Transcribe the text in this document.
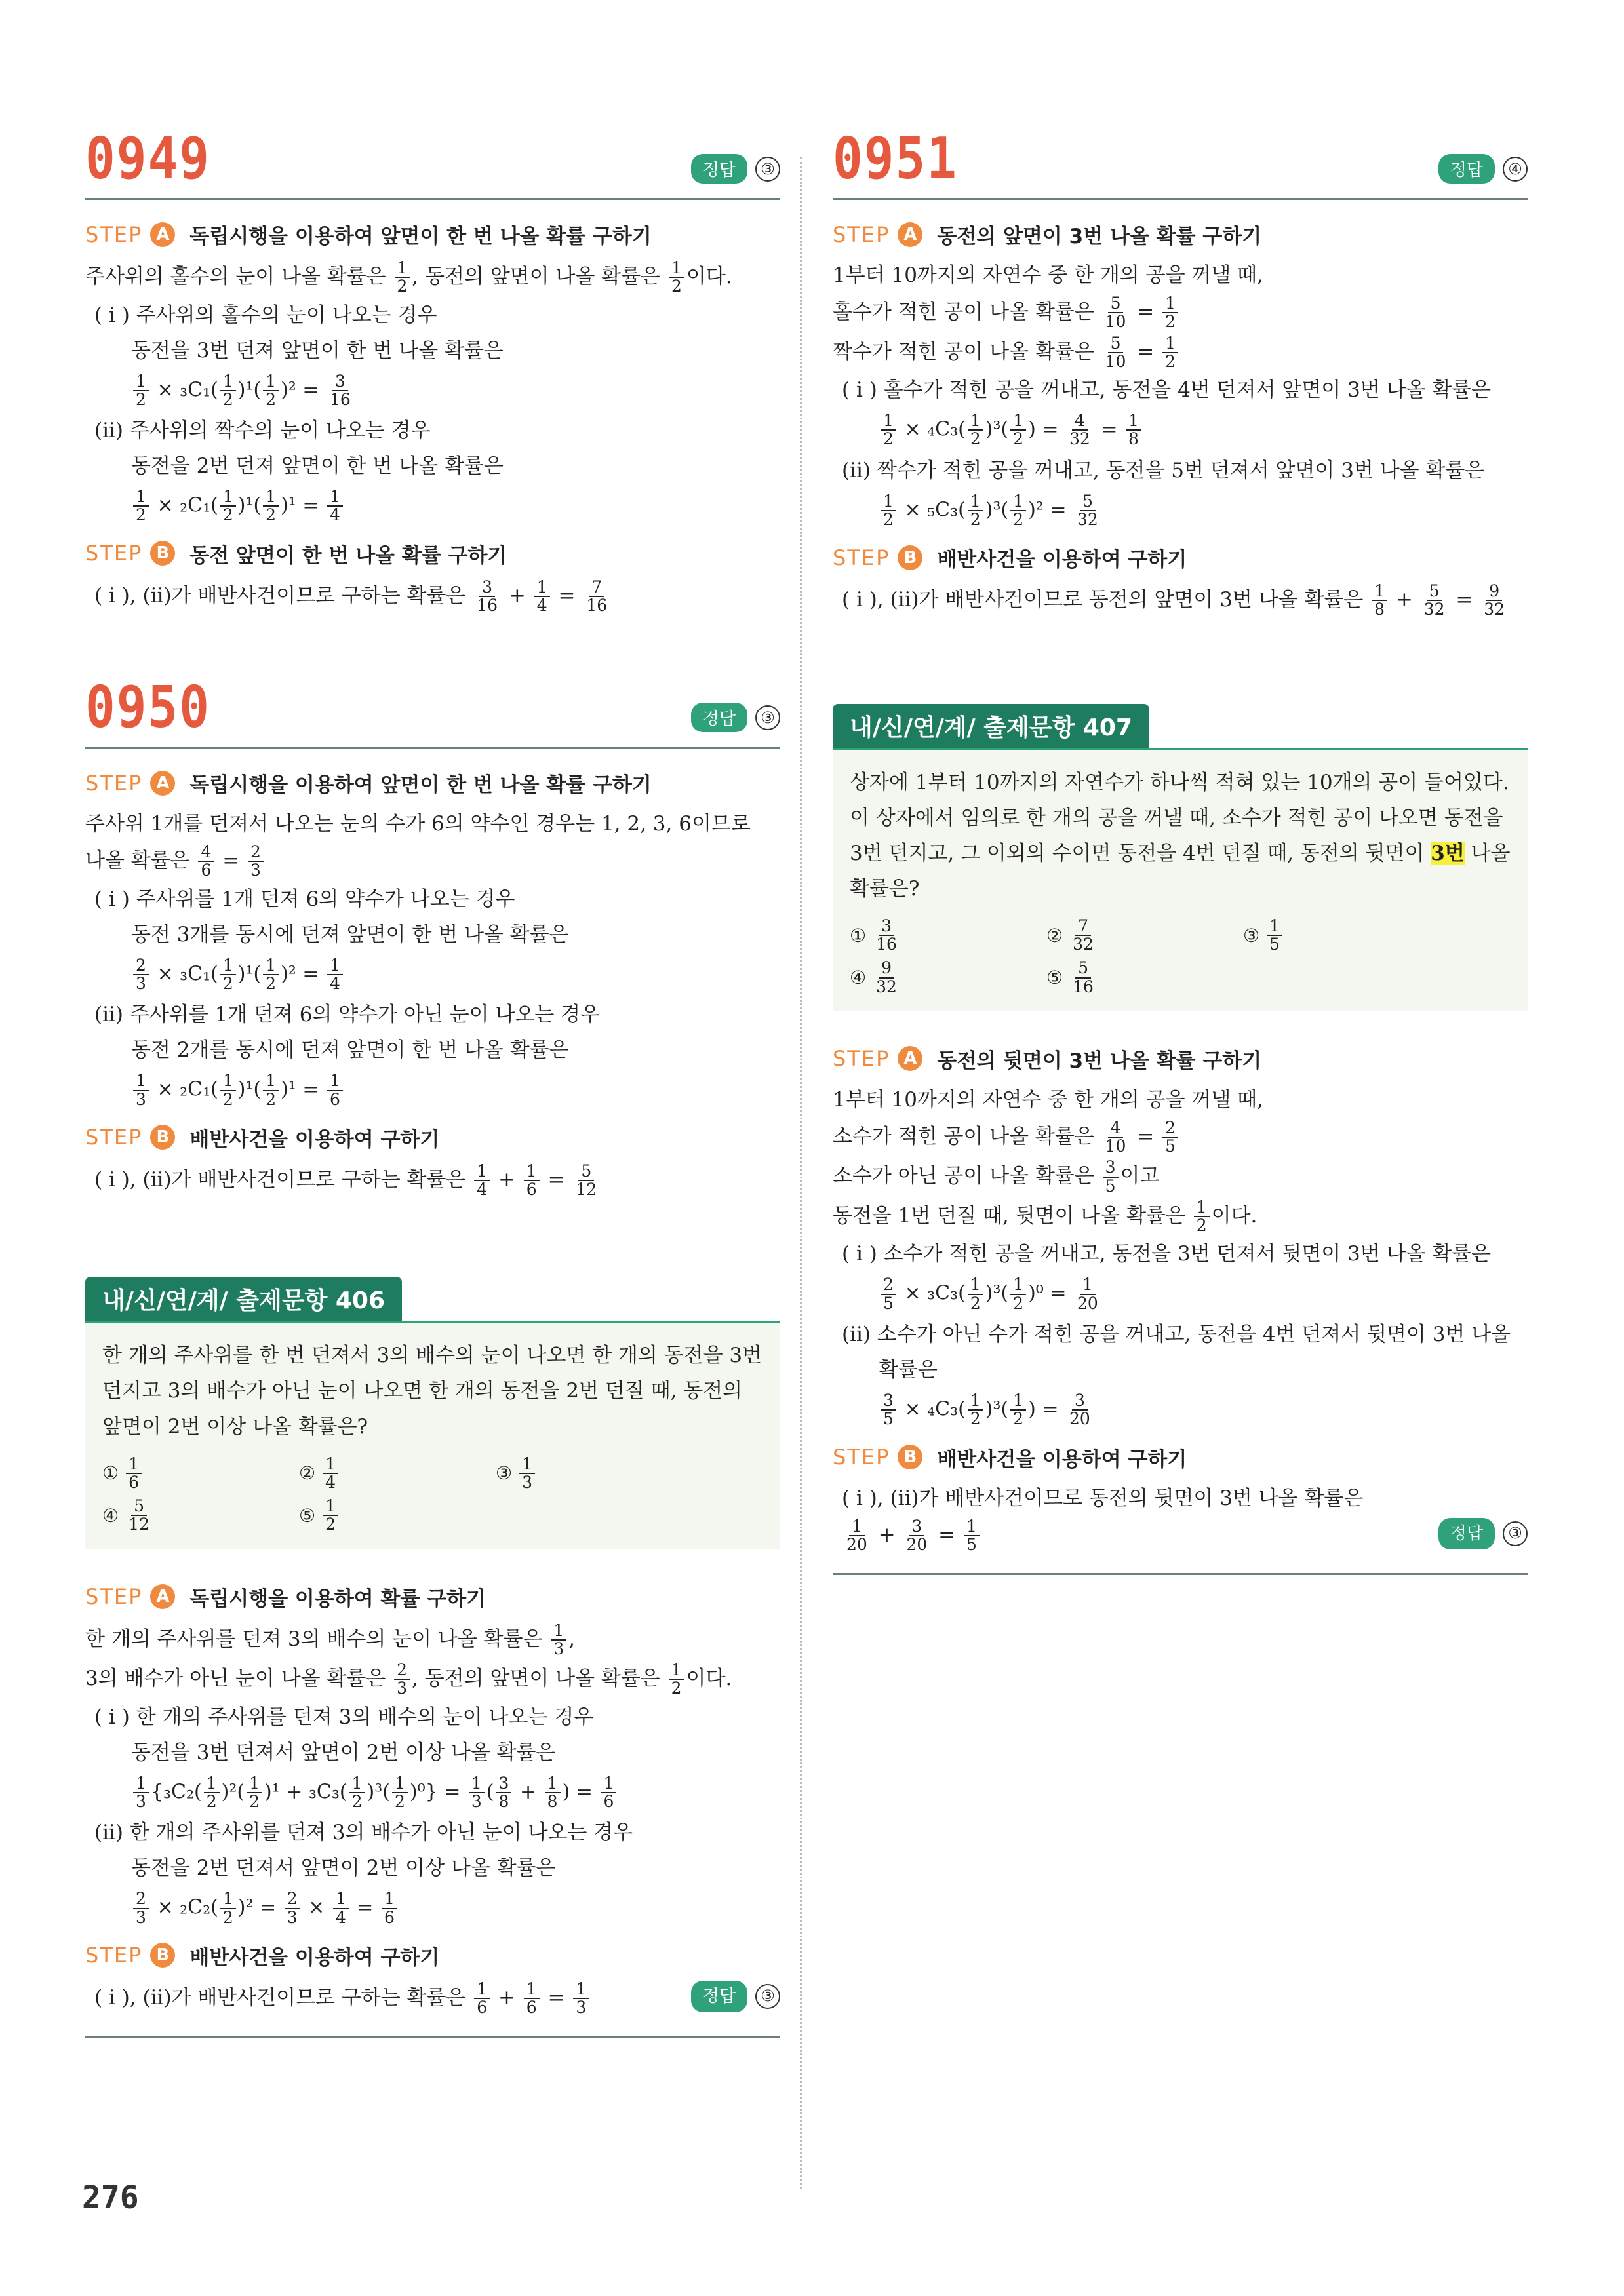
0949	정답	③
STEP A 독립시행을 이용하여 앞면이 한 번 나올 확률 구하기
주사위의 홀수의 눈이 나올 확률은 $\frac{1}{2}$ , 동전의 앞면이 나올 확률은 $\frac{1}{2}$ 이다.
( i ) 주사위의 홀수의 눈이 나오는 경우
동전을 3번 던져 앞면이 한 번 나올 확률은
$\frac{1}{2} \times _3C_1( \frac{1}{2} )^1( \frac{1}{2} )^2 = \frac{3}{16}$
(ii) 주사위의 짝수의 눈이 나오는 경우
동전을 2번 던져 앞면이 한 번 나올 확률은
$\frac{1}{2} \times _2C_1( \frac{1}{2} )^1( \frac{1}{2} )^1 = \frac{1}{4}$
STEP B 동전 앞면이 한 번 나올 확률 구하기
( i ), (ii)가 배반사건이므로 구하는 확률은 $\frac{3}{16} + \frac{1}{4} = \frac{7}{16}$
0950	정답	③
STEP A 독립시행을 이용하여 앞면이 한 번 나올 확률 구하기
주사위 1개를 던져서 나오는 눈의 수가 6의 약수인 경우는 1, 2, 3, 6이므로
나올 확률은 $\frac{4}{6} = \frac{2}{3}$
( i ) 주사위를 1개 던져 6의 약수가 나오는 경우
동전 3개를 동시에 던져 앞면이 한 번 나올 확률은
$\frac{2}{3} \times _3C_1( \frac{1}{2} )^1( \frac{1}{2} )^2 = \frac{1}{4}$
(ii) 주사위를 1개 던져 6의 약수가 아닌 눈이 나오는 경우
동전 2개를 동시에 던져 앞면이 한 번 나올 확률은
$\frac{1}{3} \times _2C_1( \frac{1}{2} )^1( \frac{1}{2} )^1 = \frac{1}{6}$
STEP B 배반사건을 이용하여 구하기
( i ), (ii)가 배반사건이므로 구하는 확률은 $\frac{1}{4} + \frac{1}{6} = \frac{5}{12}$
내/신/연/계/ 출제문항 406
한 개의 주사위를 한 번 던져서 3의 배수의 눈이 나오면 한 개의 동전을 3번
던지고 3의 배수가 아닌 눈이 나오면 한 개의 동전을 2번 던질 때, 동전의
앞면이 2번 이상 나올 확률은?
① $\frac{1}{6}$	② $\frac{1}{4}$	③ $\frac{1}{3}$
④ $\frac{5}{12}$	⑤ $\frac{1}{2}$
STEP A 독립시행을 이용하여 확률 구하기
한 개의 주사위를 던져 3의 배수의 눈이 나올 확률은 $\frac{1}{3}$ ,
3의 배수가 아닌 눈이 나올 확률은 $\frac{2}{3}$ , 동전의 앞면이 나올 확률은 $\frac{1}{2}$ 이다.
( i ) 한 개의 주사위를 던져 3의 배수의 눈이 나오는 경우
동전을 3번 던져서 앞면이 2번 이상 나올 확률은
$\frac{1}{3} \{_3C_2( \frac{1}{2} )^2( \frac{1}{2} )^1 + _3C_3( \frac{1}{2} )^3( \frac{1}{2} )^0\} = \frac{1}{3}$ ( $\frac{3}{8} + \frac{1}{8}$ ) = $\frac{1}{6}$
(ii) 한 개의 주사위를 던져 3의 배수가 아닌 눈이 나오는 경우
동전을 2번 던져서 앞면이 2번 이상 나올 확률은
$\frac{2}{3} \times _2C_2( \frac{1}{2} )^2 = \frac{2}{3} \times \frac{1}{4} = \frac{1}{6}$
STEP B 배반사건을 이용하여 구하기
( i ), (ii)가 배반사건이므로 구하는 확률은 $\frac{1}{6} + \frac{1}{6} = \frac{1}{3}$	정답	③
0951	정답	④
STEP A 동전의 앞면이 3번 나올 확률 구하기
1부터 10까지의 자연수 중 한 개의 공을 꺼낼 때,
홀수가 적힌 공이 나올 확률은 $\frac{5}{10} = \frac{1}{2}$
짝수가 적힌 공이 나올 확률은 $\frac{5}{10} = \frac{1}{2}$
( i ) 홀수가 적힌 공을 꺼내고, 동전을 4번 던져서 앞면이 3번 나올 확률은
$\frac{1}{2} \times _4C_3( \frac{1}{2} )^3( \frac{1}{2}$ ) = $\frac{4}{32} = \frac{1}{8}$
(ii) 짝수가 적힌 공을 꺼내고, 동전을 5번 던져서 앞면이 3번 나올 확률은
$\frac{1}{2} \times _5C_3( \frac{1}{2} )^3( \frac{1}{2} )^2 = \frac{5}{32}$
STEP B 배반사건을 이용하여 구하기
( i ), (ii)가 배반사건이므로 동전의 앞면이 3번 나올 확률은 $\frac{1}{8} + \frac{5}{32} = \frac{9}{32}$
내/신/연/계/ 출제문항 407
상자에 1부터 10까지의 자연수가 하나씩 적혀 있는 10개의 공이 들어있다.
이 상자에서 임의로 한 개의 공을 꺼낼 때, 소수가 적힌 공이 나오면 동전을
3번 던지고, 그 이외의 수이면 동전을 4번 던질 때, 동전의 뒷면이 3번 나올
확률은?
① $\frac{3}{16}$	② $\frac{7}{32}$	③ $\frac{1}{5}$
④ $\frac{9}{32}$	⑤ $\frac{5}{16}$
STEP A 동전의 뒷면이 3번 나올 확률 구하기
1부터 10까지의 자연수 중 한 개의 공을 꺼낼 때,
소수가 적힌 공이 나올 확률은 $\frac{4}{10} = \frac{2}{5}$
소수가 아닌 공이 나올 확률은 $\frac{3}{5}$ 이고
동전을 1번 던질 때, 뒷면이 나올 확률은 $\frac{1}{2}$ 이다.
( i ) 소수가 적힌 공을 꺼내고, 동전을 3번 던져서 뒷면이 3번 나올 확률은
$\frac{2}{5} \times _3C_3( \frac{1}{2} )^3( \frac{1}{2} )^0 = \frac{1}{20}$
(ii) 소수가 아닌 수가 적힌 공을 꺼내고, 동전을 4번 던져서 뒷면이 3번 나올
확률은
$\frac{3}{5} \times _4C_3( \frac{1}{2} )^3( \frac{1}{2}$ ) = $\frac{3}{20}$
STEP B 배반사건을 이용하여 구하기
( i ), (ii)가 배반사건이므로 동전의 뒷면이 3번 나올 확률은
$\frac{1}{20} + \frac{3}{20} = \frac{1}{5}$	정답	③
276
